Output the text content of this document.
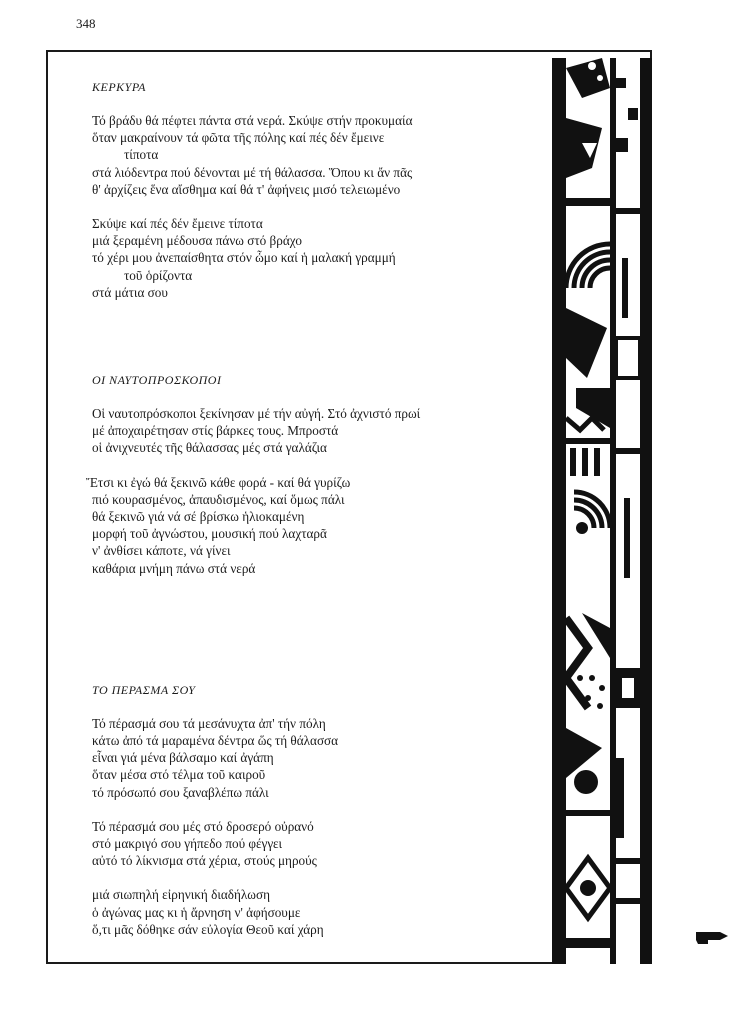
348

ΚΕΡΚΥΡΑ

Τό βράδυ θά πέφτει πάντα στά νερά. Σκύψε στήν προκυμαία
ὅταν μακραίνουν τά φῶτα τῆς πόλης καί πές δέν ἔμεινε
τίποτα
στά λιόδεντρα πού δένονται μέ τή θάλασσα. Ὅπου κι ἄν πᾶς
θ' ἀρχίζεις ἕνα αἴσθημα καί θά τ' ἀφήνεις μισό τελειωμένο
Σκύψε καί πές δέν ἔμεινε τίποτα
μιά ξεραμένη μέδουσα πάνω στό βράχο
τό χέρι μου ἀνεπαίσθητα στόν ὦμο καί ἡ μαλακή γραμμή
τοῦ ὁρίζοντα
στά μάτια σου

ΟΙ ΝΑΥΤΟΠΡΟΣΚΟΠΟΙ

Οἱ ναυτοπρόσκοποι ξεκίνησαν μέ τήν αὐγή. Στό ἀχνιστό πρωί
μέ ἀποχαιρέτησαν στίς βάρκες τους. Μπροστά
οἱ ἀνιχνευτές τῆς θάλασσας μές στά γαλάζια
Ἔτσι κι ἐγώ θά ξεκινῶ κάθε φορά - καί θά γυρίζω
πιό κουρασμένος, ἀπαυδισμένος, καί ὅμως πάλι
θά ξεκινῶ γιά νά σέ βρίσκω ἡλιοκαμένη
μορφή τοῦ ἀγνώστου, μουσική πού λαχταρᾶ
ν' ἀνθίσει κάποτε, νά γίνει
καθάρια μνήμη πάνω στά νερά

ΤΟ ΠΕΡΑΣΜΑ ΣΟΥ

Τό πέρασμά σου τά μεσάνυχτα ἀπ' τήν πόλη
κάτω ἀπό τά μαραμένα δέντρα ὥς τή θάλασσα
εἶναι γιά μένα βάλσαμο καί ἀγάπη
ὅταν μέσα στό τέλμα τοῦ καιροῦ
τό πρόσωπό σου ξαναβλέπω πάλι
Τό πέρασμά σου μές στό δροσερό οὐρανό
στό μακριγό σου γήπεδο πού φέγγει
αὐτό τό λίκνισμα στά χέρια, στούς μηρούς
μιά σιωπηλή εἰρηνική διαδήλωση
ὁ ἀγώνας μας κι ἡ ἄρνηση ν' ἀφήσουμε
ὅ,τι μᾶς δόθηκε σάν εὐλογία Θεοῦ καί χάρη
